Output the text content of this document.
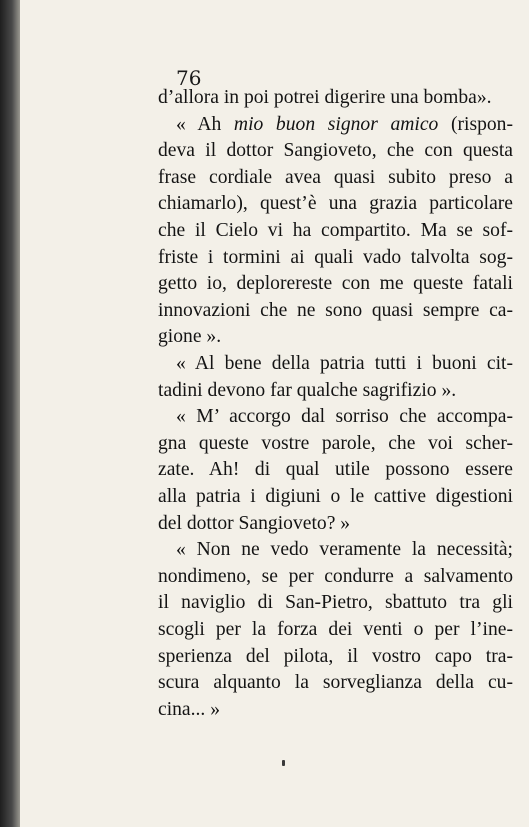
76
d’allora in poi potrei digerire una bomba».
« Ah mio buon signor amico (rispon-
deva il dottor Sangioveto, che con questa
frase cordiale avea quasi subito preso a
chiamarlo), quest’è una grazia particolare
che il Cielo vi ha compartito. Ma se sof-
friste i tormini ai quali vado talvolta sog-
getto io, deplorereste con me queste fatali
innovazioni che ne sono quasi sempre ca-
gione ».
« Al bene della patria tutti i buoni cit-
tadini devono far qualche sagrifizio ».
« M’ accorgo dal sorriso che accompa-
gna queste vostre parole, che voi scher-
zate. Ah! di qual utile possono essere
alla patria i digiuni o le cattive digestioni
del dottor Sangioveto? »
« Non ne vedo veramente la necessità;
nondimeno, se per condurre a salvamento
il naviglio di San-Pietro, sbattuto tra gli
scogli per la forza dei venti o per l’ine-
sperienza del pilota, il vostro capo tra-
scura alquanto la sorveglianza della cu-
cina... »
